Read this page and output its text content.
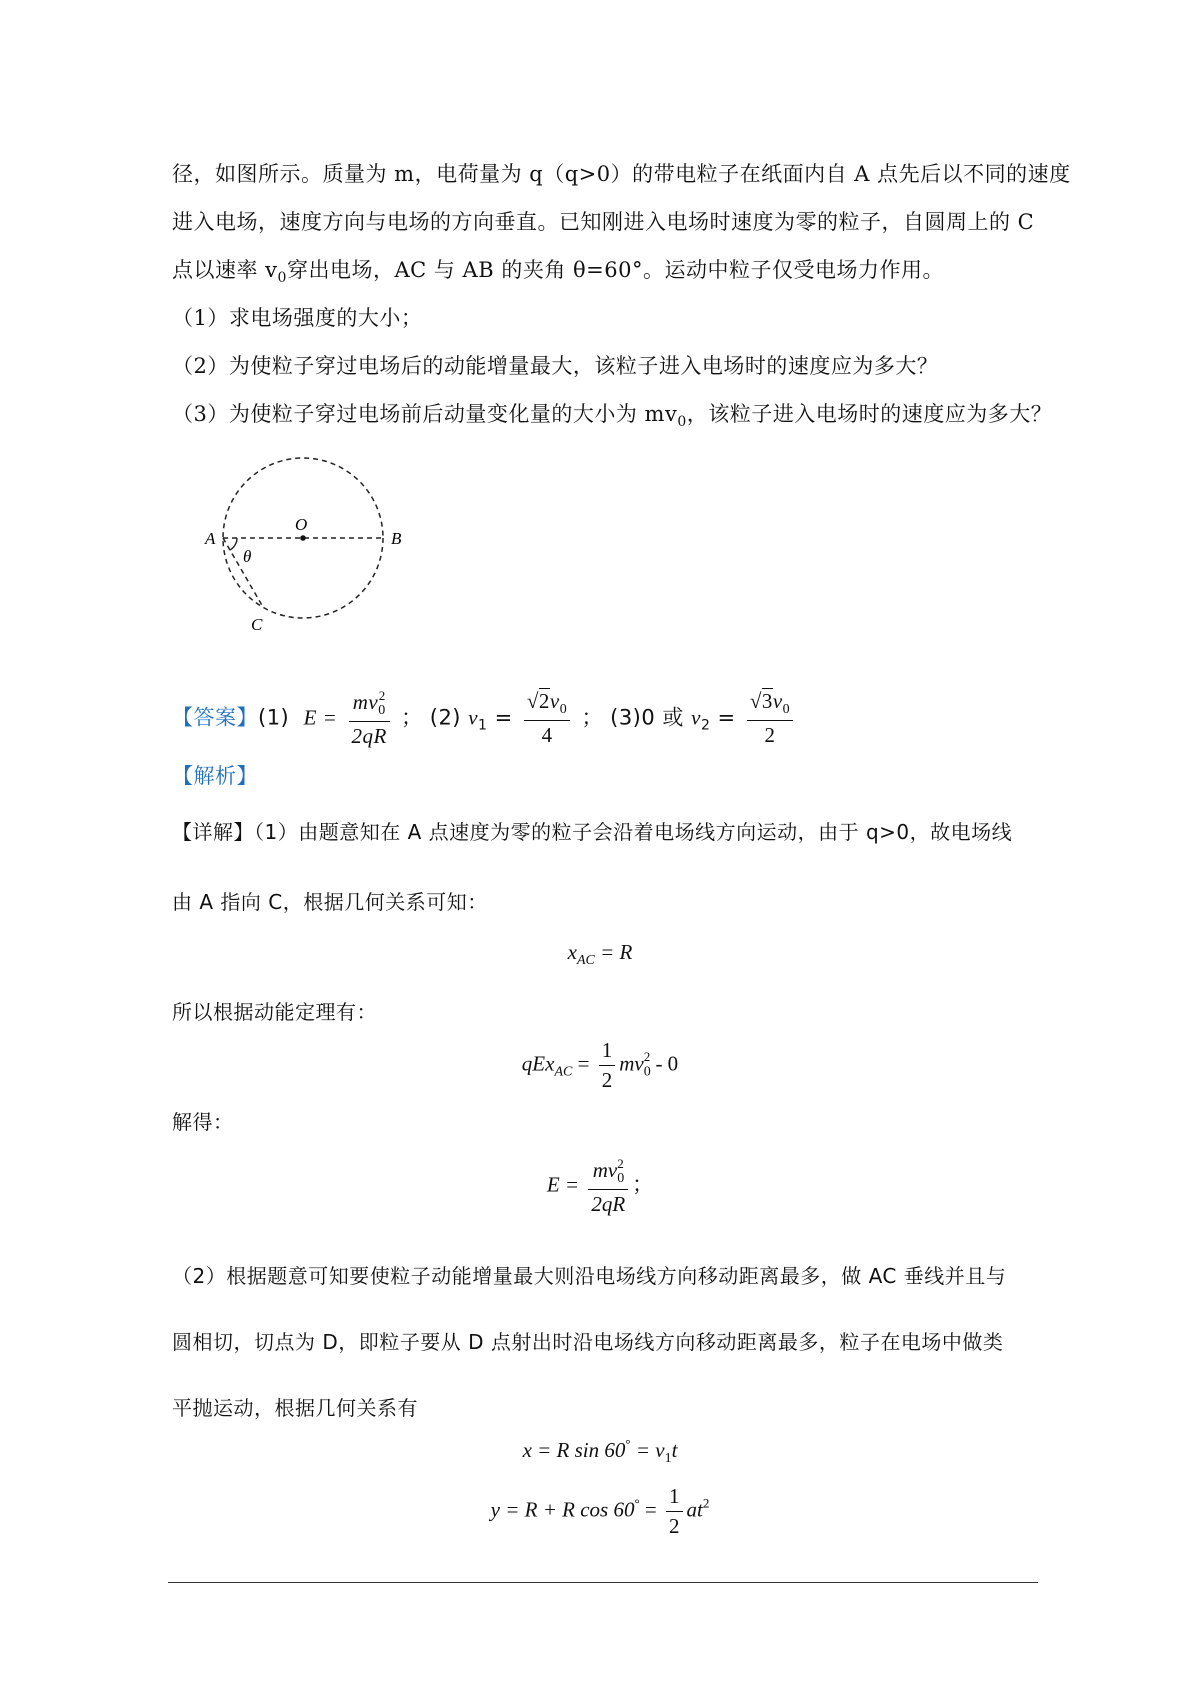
径，如图所示。质量为 m，电荷量为 q（q>0）的带电粒子在纸面内自 A 点先后以不同的速度
进入电场，速度方向与电场的方向垂直。已知刚进入电场时速度为零的粒子，自圆周上的 C
点以速率 $v_0$穿出电场，AC 与 AB 的夹角 θ=60°。运动中粒子仅受电场力作用。
（1）求电场强度的大小；
（2）为使粒子穿过电场后的动能增量最大，该粒子进入电场时的速度应为多大？
（3）为使粒子穿过电场前后动量变化量的大小为 $mv_0$，该粒子进入电场时的速度应为多大？
A	B
O
C
θ
【答案】(1) $E = \frac{mv_0^2}{2qR}$ ； (2) $v_1 = \frac{√2v_0}{4}$ ； (3)0 或 $v_2 = \frac{√3v_0}{2}$
【解析】
【详解】（1）由题意知在 A 点速度为零的粒子会沿着电场线方向运动，由于 q>0，故电场线
由 A 指向 C，根据几何关系可知：
$x_{AC} = R$
所以根据动能定理有：
$qEx_{AC} = \frac{1}{2} mv_0^2 - 0$
解得：
$E = \frac{mv_0^2}{2qR}$ ；
（2）根据题意可知要使粒子动能增量最大则沿电场线方向移动距离最多，做 AC 垂线并且与
圆相切，切点为 D，即粒子要从 D 点射出时沿电场线方向移动距离最多，粒子在电场中做类
平抛运动，根据几何关系有
x = R $\sin 60^\circ = v_1t$
y = R + R $\cos 60^\circ = \frac{1}{2} at^2$
